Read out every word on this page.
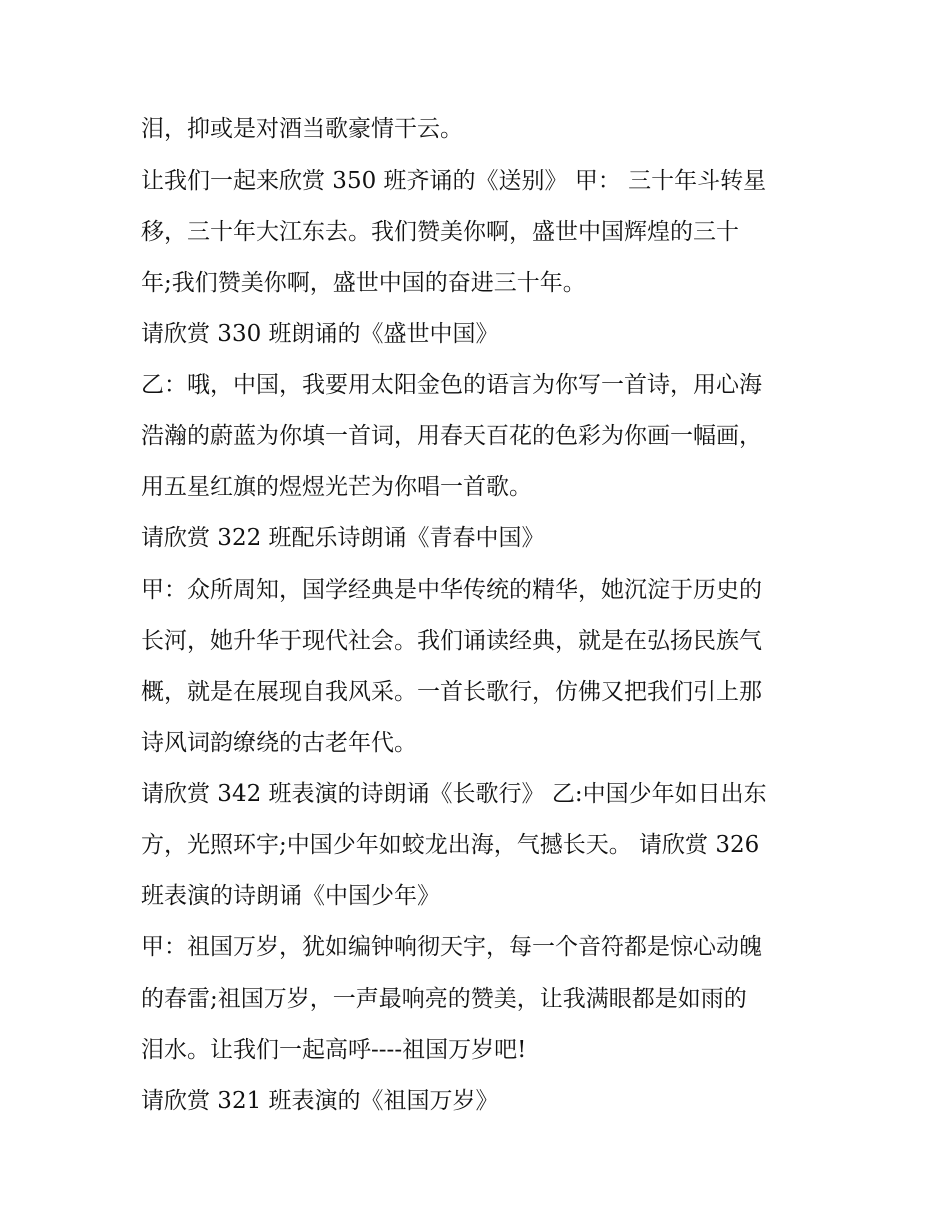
泪，抑或是对酒当歌豪情干云。

让我们一起来欣赏 350 班齐诵的《送别》 甲： 三十年斗转星

移，三十年大江东去。我们赞美你啊，盛世中国辉煌的三十

年;我们赞美你啊，盛世中国的奋进三十年。

请欣赏 330 班朗诵的《盛世中国》

乙：哦，中国，我要用太阳金色的语言为你写一首诗，用心海

浩瀚的蔚蓝为你填一首词，用春天百花的色彩为你画一幅画，

用五星红旗的煜煜光芒为你唱一首歌。

请欣赏 322 班配乐诗朗诵《青春中国》

甲：众所周知，国学经典是中华传统的精华，她沉淀于历史的

长河，她升华于现代社会。我们诵读经典，就是在弘扬民族气

概，就是在展现自我风采。一首长歌行，仿佛又把我们引上那

诗风词韵缭绕的古老年代。

请欣赏 342 班表演的诗朗诵《长歌行》 乙:中国少年如日出东

方，光照环宇;中国少年如蛟龙出海，气撼长天。 请欣赏 326

班表演的诗朗诵《中国少年》

甲：祖国万岁，犹如编钟响彻天宇，每一个音符都是惊心动魄

的春雷;祖国万岁，一声最响亮的赞美，让我满眼都是如雨的

泪水。让我们一起高呼----祖国万岁吧!

请欣赏 321 班表演的《祖国万岁》
